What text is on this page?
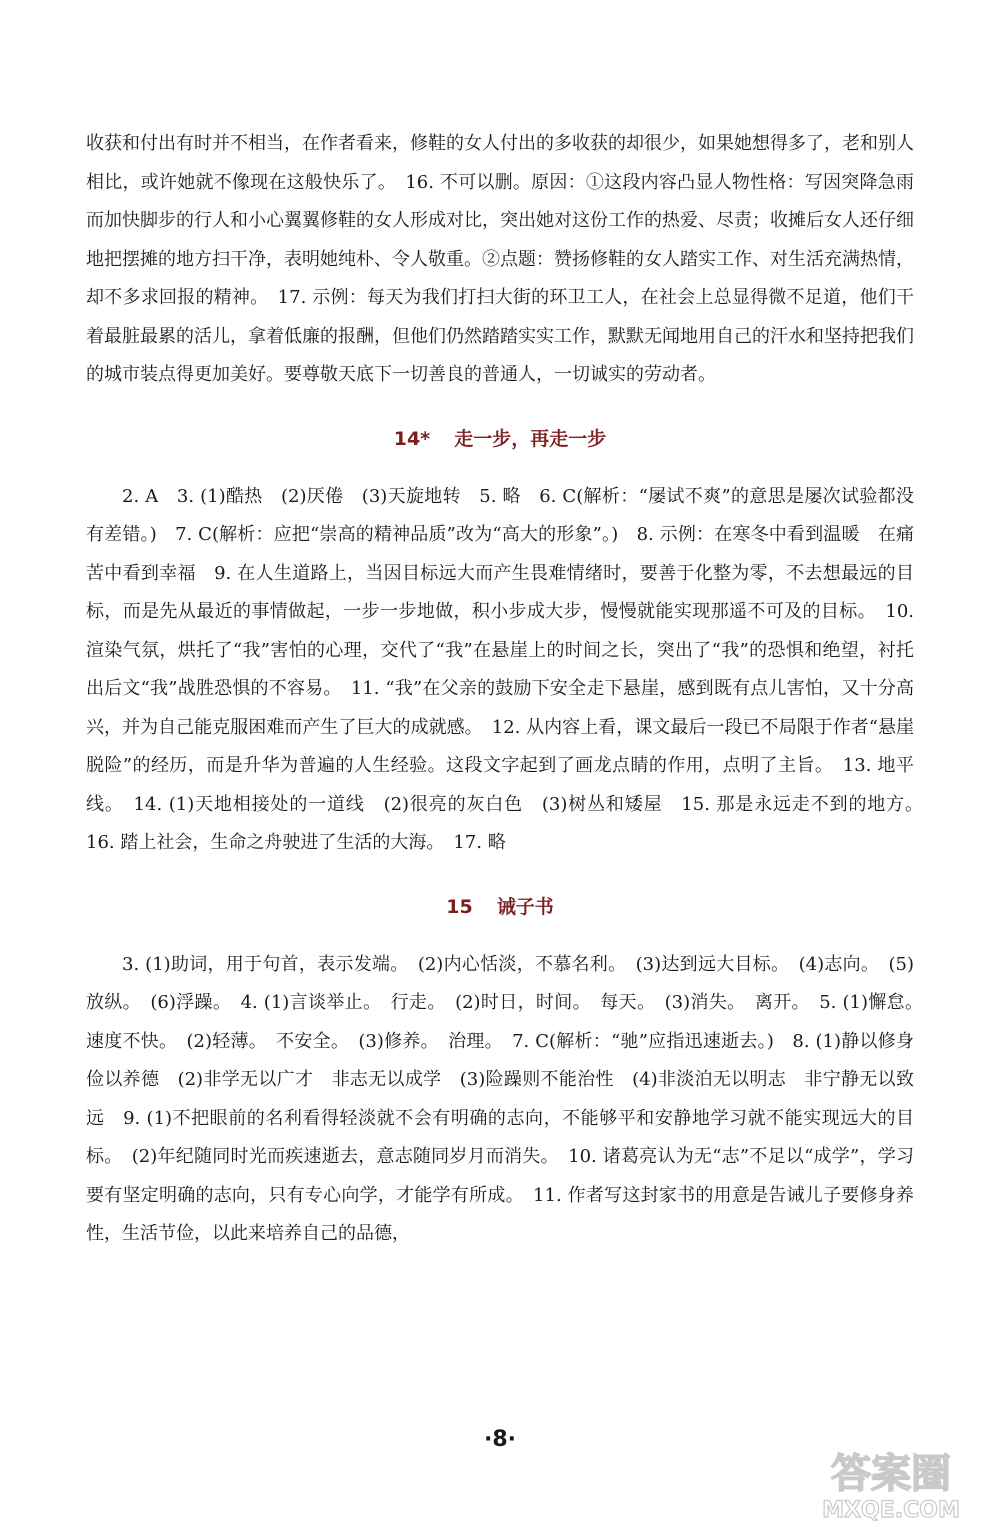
收获和付出有时并不相当，在作者看来，修鞋的女人付出的多收获的却很少，如果她想得多了，老和别人相比，或许她就不像现在这般快乐了。　16. 不可以删。原因：①这段内容凸显人物性格：写因突降急雨而加快脚步的行人和小心翼翼修鞋的女人形成对比，突出她对这份工作的热爱、尽责；收摊后女人还仔细地把摆摊的地方扫干净，表明她纯朴、令人敬重。②点题：赞扬修鞋的女人踏实工作、对生活充满热情，却不多求回报的精神。　17. 示例：每天为我们打扫大街的环卫工人，在社会上总显得微不足道，他们干着最脏最累的活儿，拿着低廉的报酬，但他们仍然踏踏实实工作，默默无闻地用自己的汗水和坚持把我们的城市装点得更加美好。要尊敬天底下一切善良的普通人，一切诚实的劳动者。

14* 走一步，再走一步

2. A　3. (1)酷热　(2)厌倦　(3)天旋地转　5. 略　6. C(解析：“屡试不爽”的意思是屡次试验都没有差错。)　7. C(解析：应把“崇高的精神品质”改为“高大的形象”。)　8. 示例：在寒冬中看到温暖　在痛苦中看到幸福　9. 在人生道路上，当因目标远大而产生畏难情绪时，要善于化整为零，不去想最远的目标，而是先从最近的事情做起，一步一步地做，积小步成大步，慢慢就能实现那遥不可及的目标。　10. 渲染气氛，烘托了“我”害怕的心理，交代了“我”在悬崖上的时间之长，突出了“我”的恐惧和绝望，衬托出后文“我”战胜恐惧的不容易。　11. “我”在父亲的鼓励下安全走下悬崖，感到既有点儿害怕，又十分高兴，并为自己能克服困难而产生了巨大的成就感。　12. 从内容上看，课文最后一段已不局限于作者“悬崖脱险”的经历，而是升华为普遍的人生经验。这段文字起到了画龙点睛的作用，点明了主旨。　13. 地平线。　14. (1)天地相接处的一道线　(2)很亮的灰白色　(3)树丛和矮屋　15. 那是永远走不到的地方。　16. 踏上社会，生命之舟驶进了生活的大海。　17. 略

15 诫子书

3. (1)助词，用于句首，表示发端。　(2)内心恬淡，不慕名利。　(3)达到远大目标。　(4)志向。　(5)放纵。　(6)浮躁。　4. (1)言谈举止。　行走。　(2)时日，时间。　每天。　(3)消失。　离开。　5. (1)懈怠。　速度不快。　(2)轻薄。　不安全。　(3)修养。　治理。　7. C(解析：“驰”应指迅速逝去。)　8. (1)静以修身　俭以养德　(2)非学无以广才　非志无以成学　(3)险躁则不能治性　(4)非淡泊无以明志　非宁静无以致远　9. (1)不把眼前的名利看得轻淡就不会有明确的志向，不能够平和安静地学习就不能实现远大的目标。　(2)年纪随同时光而疾速逝去，意志随同岁月而消失。　10. 诸葛亮认为无“志”不足以“成学”，学习要有坚定明确的志向，只有专心向学，才能学有所成。　11. 作者写这封家书的用意是告诫儿子要修身养性，生活节俭，以此来培养自己的品德，

·8·
答案圈
MXQE.COM
